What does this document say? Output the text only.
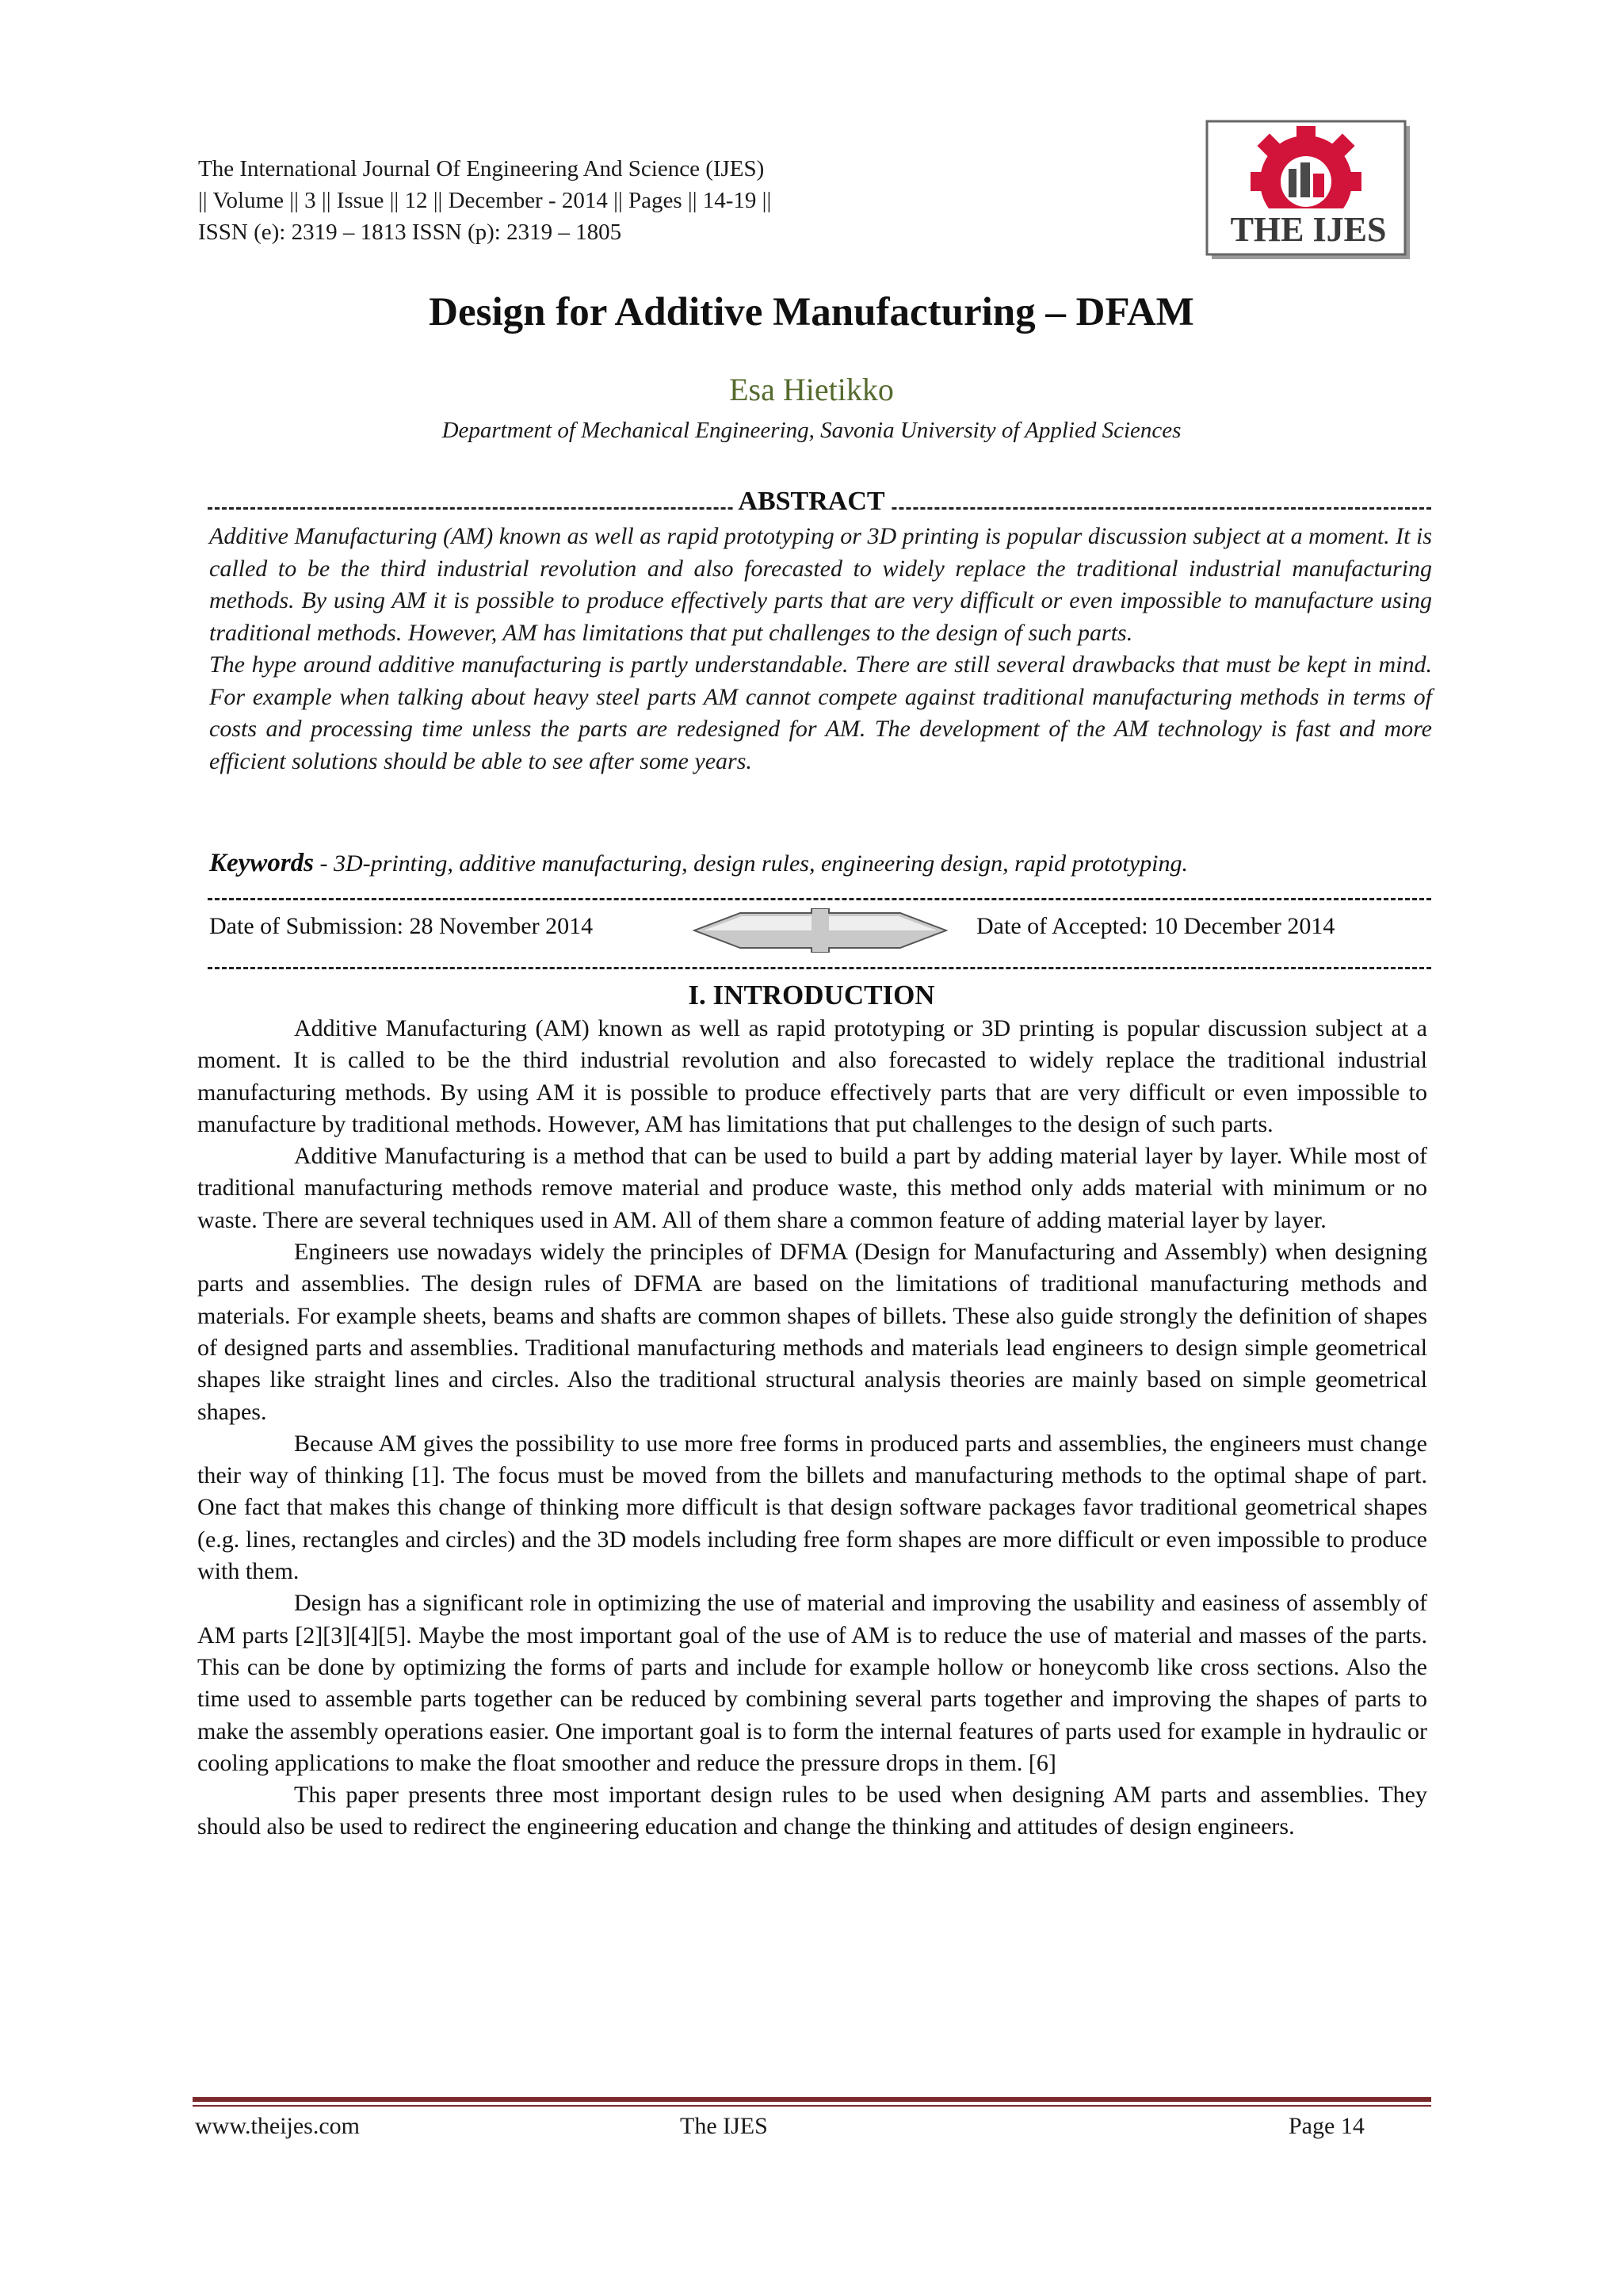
The International Journal Of Engineering And Science (IJES)
|| Volume || 3 || Issue || 12 || December - 2014 || Pages || 14-19 ||
ISSN (e): 2319 – 1813 ISSN (p): 2319 – 1805	THE IJES
Design for Additive Manufacturing – DFAM
Esa Hietikko
Department of Mechanical Engineering, Savonia University of Applied Sciences
ABSTRACT

Additive Manufacturing (AM) known as well as rapid prototyping or 3D printing is popular discussion subject at a moment. It is called to be the third industrial revolution and also forecasted to widely replace the traditional industrial manufacturing methods. By using AM it is possible to produce effectively parts that are very difficult or even impossible to manufacture using traditional methods. However, AM has limitations that put challenges to the design of such parts.

The hype around additive manufacturing is partly understandable. There are still several drawbacks that must be kept in mind. For example when talking about heavy steel parts AM cannot compete against traditional manufacturing methods in terms of costs and processing time unless the parts are redesigned for AM. The development of the AM technology is fast and more efficient solutions should be able to see after some years.

Keywords - 3D-printing, additive manufacturing, design rules, engineering design, rapid prototyping.
Date of Submission: 28 November 2014	Date of Accepted: 10 December 2014
I. INTRODUCTION

Additive Manufacturing (AM) known as well as rapid prototyping or 3D printing is popular discussion subject at a moment. It is called to be the third industrial revolution and also forecasted to widely replace the traditional industrial manufacturing methods. By using AM it is possible to produce effectively parts that are very difficult or even impossible to manufacture by traditional methods. However, AM has limitations that put challenges to the design of such parts.

Additive Manufacturing is a method that can be used to build a part by adding material layer by layer. While most of traditional manufacturing methods remove material and produce waste, this method only adds material with minimum or no waste. There are several techniques used in AM. All of them share a common feature of adding material layer by layer.

Engineers use nowadays widely the principles of DFMA (Design for Manufacturing and Assembly) when designing parts and assemblies. The design rules of DFMA are based on the limitations of traditional manufacturing methods and materials. For example sheets, beams and shafts are common shapes of billets. These also guide strongly the definition of shapes of designed parts and assemblies. Traditional manufacturing methods and materials lead engineers to design simple geometrical shapes like straight lines and circles. Also the traditional structural analysis theories are mainly based on simple geometrical shapes.

Because AM gives the possibility to use more free forms in produced parts and assemblies, the engineers must change their way of thinking [1]. The focus must be moved from the billets and manufacturing methods to the optimal shape of part. One fact that makes this change of thinking more difficult is that design software packages favor traditional geometrical shapes (e.g. lines, rectangles and circles) and the 3D models including free form shapes are more difficult or even impossible to produce with them.

Design has a significant role in optimizing the use of material and improving the usability and easiness of assembly of AM parts [2][3][4][5]. Maybe the most important goal of the use of AM is to reduce the use of material and masses of the parts. This can be done by optimizing the forms of parts and include for example hollow or honeycomb like cross sections. Also the time used to assemble parts together can be reduced by combining several parts together and improving the shapes of parts to make the assembly operations easier. One important goal is to form the internal features of parts used for example in hydraulic or cooling applications to make the float smoother and reduce the pressure drops in them. [6]

This paper presents three most important design rules to be used when designing AM parts and assemblies. They should also be used to redirect the engineering education and change the thinking and attitudes of design engineers.

www.theijes.com	The IJES	Page 14
